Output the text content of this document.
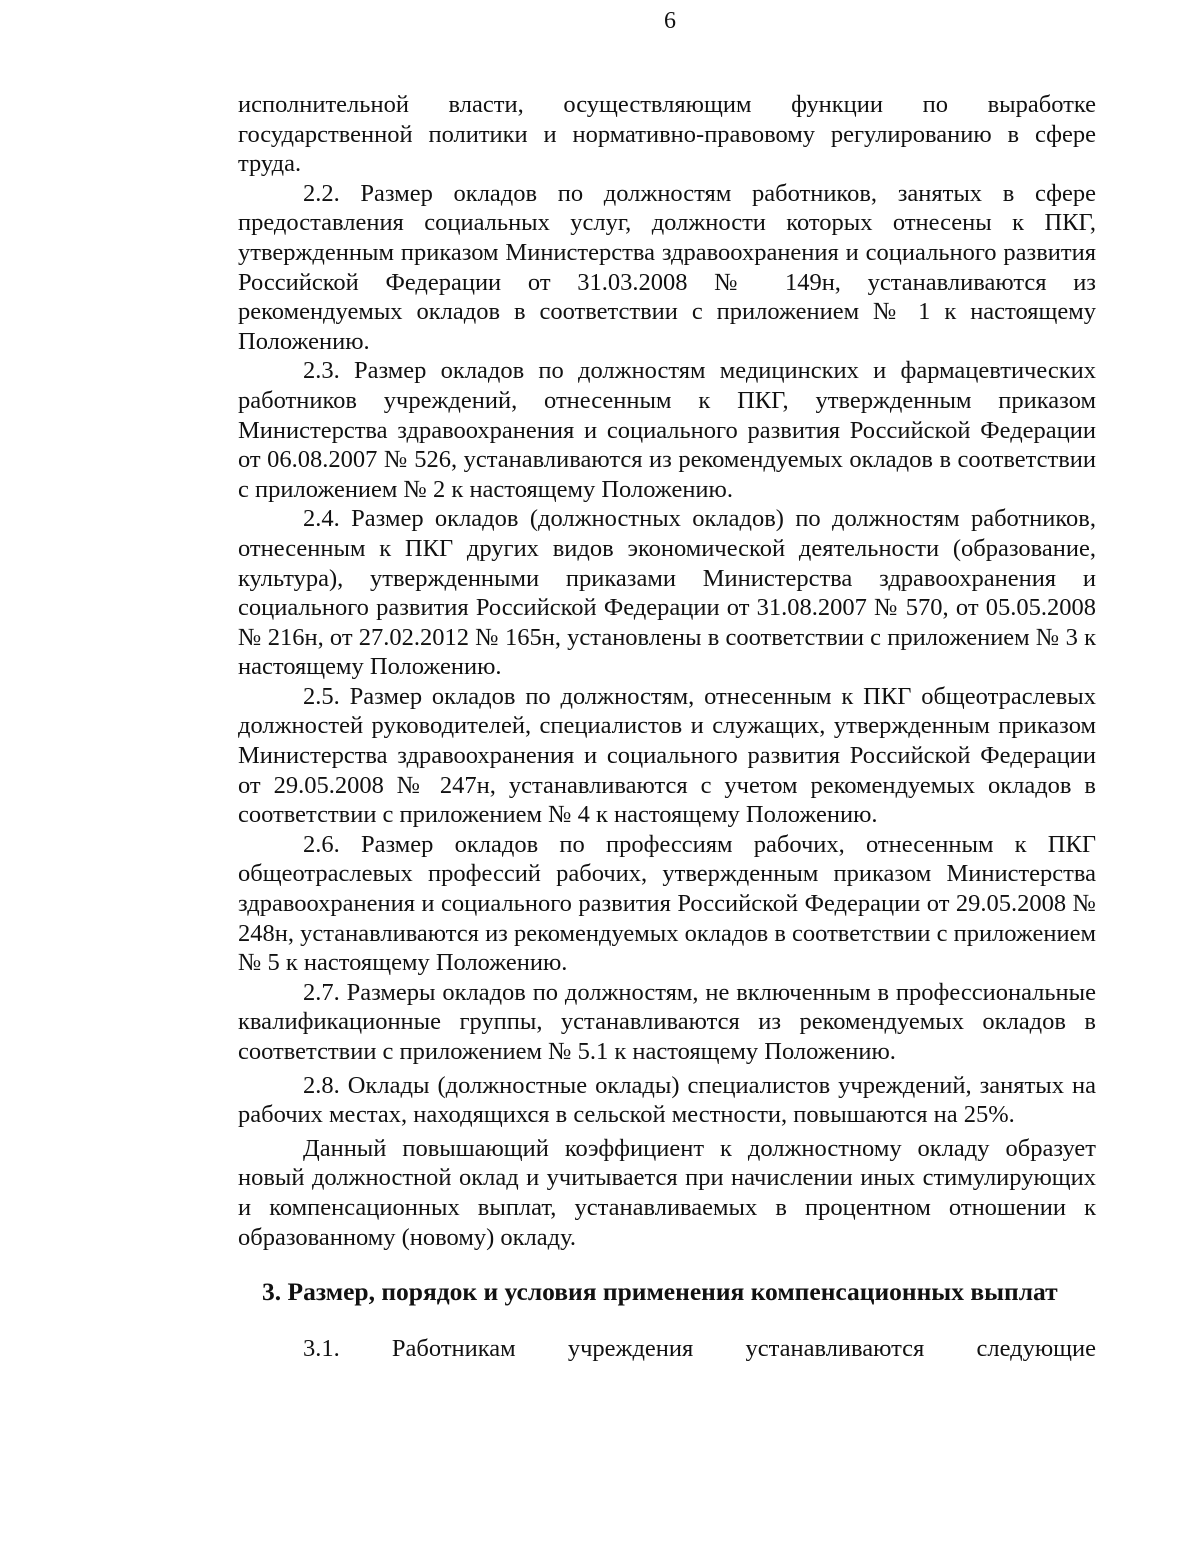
6

исполнительной власти, осуществляющим функции по выработке государственной политики и нормативно-правовому регулированию в сфере труда.

2.2. Размер окладов по должностям работников, занятых в сфере предоставления социальных услуг, должности которых отнесены к ПКГ, утвержденным приказом Министерства здравоохранения и социального развития Российской Федерации от 31.03.2008 № 149н, устанавливаются из рекомендуемых окладов в соответствии с приложением № 1 к настоящему Положению.

2.3. Размер окладов по должностям медицинских и фармацевтических работников учреждений, отнесенным к ПКГ, утвержденным приказом Министерства здравоохранения и социального развития Российской Федерации от 06.08.2007 № 526, устанавливаются из рекомендуемых окладов в соответствии с приложением № 2 к настоящему Положению.

2.4. Размер окладов (должностных окладов) по должностям работников, отнесенным к ПКГ других видов экономической деятельности (образование, культура), утвержденными приказами Министерства здравоохранения и социального развития Российской Федерации от 31.08.2007 № 570, от 05.05.2008 № 216н, от 27.02.2012 № 165н, установлены в соответствии с приложением № 3 к настоящему Положению.

2.5. Размер окладов по должностям, отнесенным к ПКГ общеотраслевых должностей руководителей, специалистов и служащих, утвержденным приказом Министерства здравоохранения и социального развития Российской Федерации от 29.05.2008 № 247н, устанавливаются с учетом рекомендуемых окладов в соответствии с приложением № 4 к настоящему Положению.

2.6. Размер окладов по профессиям рабочих, отнесенным к ПКГ общеотраслевых профессий рабочих, утвержденным приказом Министерства здравоохранения и социального развития Российской Федерации от 29.05.2008 № 248н, устанавливаются из рекомендуемых окладов в соответствии с приложением № 5 к настоящему Положению.

2.7. Размеры окладов по должностям, не включенным в профессиональные квалификационные группы, устанавливаются из рекомендуемых окладов в соответствии с приложением № 5.1 к настоящему Положению.

2.8. Оклады (должностные оклады) специалистов учреждений, занятых на рабочих местах, находящихся в сельской местности, повышаются на 25%.

Данный повышающий коэффициент к должностному окладу образует новый должностной оклад и учитывается при начислении иных стимулирующих и компенсационных выплат, устанавливаемых в процентном отношении к образованному (новому) окладу.

3. Размер, порядок и условия применения компенсационных выплат

3.1. Работникам учреждения устанавливаются следующие
